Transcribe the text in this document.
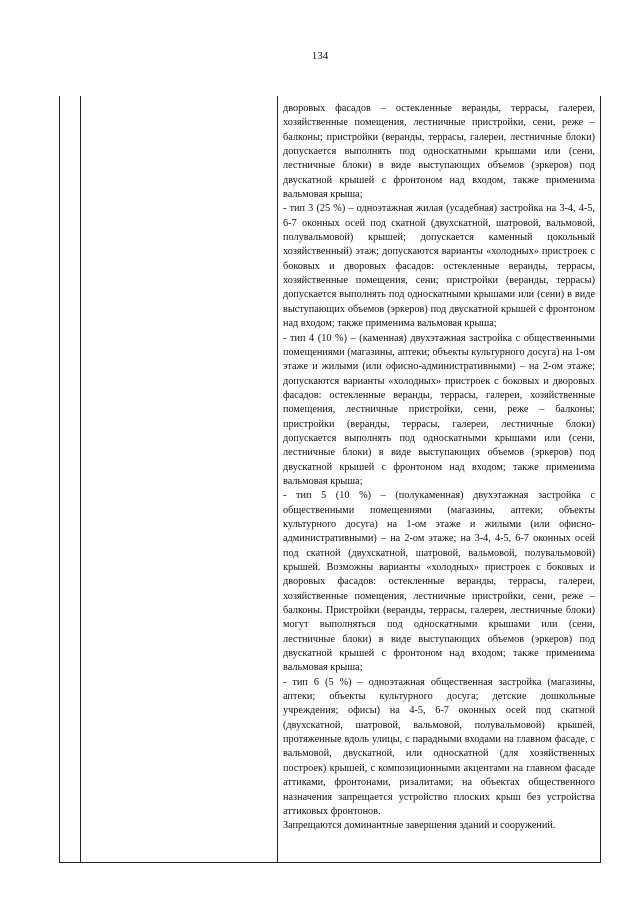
134

дворовых фасадов – остекленные веранды, террасы, галереи, хозяйственные помещения, лестничные пристройки, сени, реже – балконы; пристройки (веранды, террасы, галереи, лестничные блоки) допускается выполнять под односкатными крышами или (сени, лестничные блоки) в виде выступающих объемов (эркеров) под двускатной крышей с фронтоном над входом, также применима вальмовая крыша;

- тип 3 (25 %) – одноэтажная жилая (усадебная) застройка на 3-4, 4-5, 6-7 оконных осей под скатной (двухскатной, шатровой, вальмовой, полувальмовой) крышей; допускается каменный цокольный хозяйственный) этаж; допускаются варианты «холодных» пристроек с боковых и дворовых фасадов: остекленные веранды, террасы, хозяйственные помещения, сени; пристройки (веранды, террасы) допускается выполнять под односкатными крышами или (сени) в виде выступающих объемов (эркеров) под двускатной крышей с фронтоном над входом; также применима вальмовая крыша;

- тип 4 (10 %) – (каменная) двухэтажная застройка с общественными помещениями (магазины, аптеки; объекты культурного досуга) на 1-ом этаже и жилыми (или офисно-административными) – на 2-ом этаже; допускаются варианты «холодных» пристроек с боковых и дворовых фасадов: остекленные веранды, террасы, галереи, хозяйственные помещения, лестничные пристройки, сени, реже – балконы; пристройки (веранды, террасы, галереи, лестничные блоки) допускается выполнять под односкатными крышами или (сени, лестничные блоки) в виде выступающих объемов (эркеров) под двускатной крышей с фронтоном над входом; также применима вальмовая крыша;

- тип 5 (10 %) – (полукаменная) двухэтажная застройка с общественными помещениями (магазины, аптеки; объекты культурного досуга) на 1-ом этаже и жилыми (или офисно-административными) – на 2-ом этаже; на 3-4, 4-5, 6-7 оконных осей под скатной (двухскатной, шатровой, вальмовой, полувальмовой) крышей. Возможны варианты «холодных» пристроек с боковых и дворовых фасадов: остекленные веранды, террасы, галереи, хозяйственные помещения, лестничные пристройки, сени, реже – балконы. Пристройки (веранды, террасы, галереи, лестничные блоки) могут выполняться под односкатными крышами или (сени, лестничные блоки) в виде выступающих объемов (эркеров) под двускатной крышей с фронтоном над входом; также применима вальмовая крыша;

- тип 6 (5 %) – одноэтажная общественная застройка (магазины, аптеки; объекты культурного досуга; детские дошкольные учреждения; офисы) на 4-5, 6-7 оконных осей под скатной (двухскатной, шатровой, вальмовой, полувальмовой) крышей, протяженные вдоль улицы, с парадными входами на главном фасаде, с вальмовой, двускатной, или односкатной (для хозяйственных построек) крышей, с композиционными акцентами на главном фасаде аттиками, фронтонами, ризалитами; на объектах общественного назначения запрещается устройство плоских крыш без устройства аттиковых фронтонов.

Запрещаются доминантные завершения зданий и сооружений.
